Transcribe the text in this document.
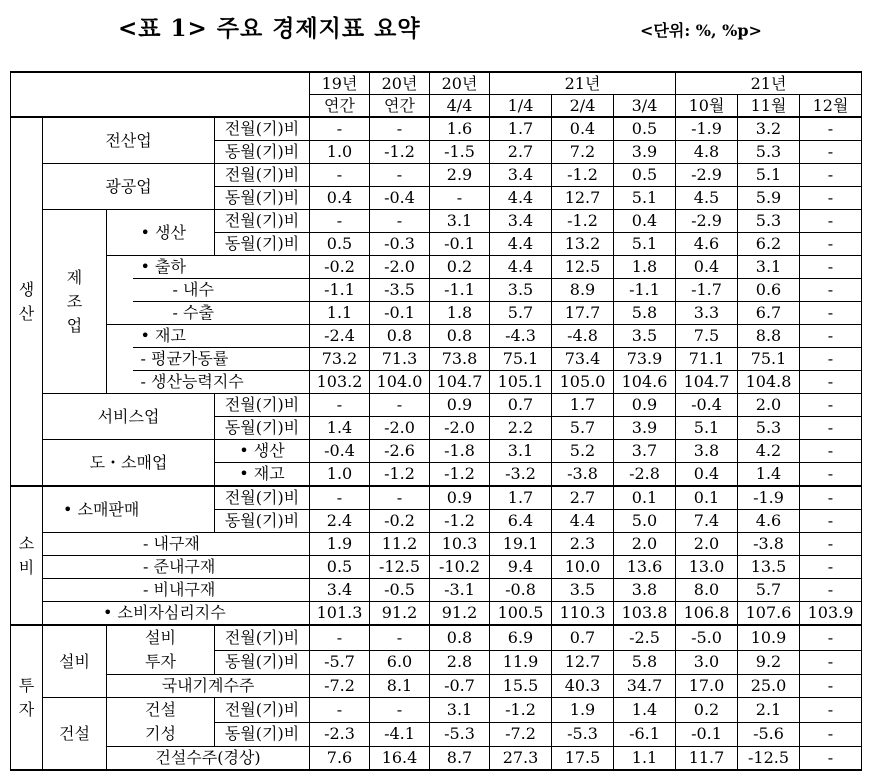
<표 1> 주요 경제지표 요약	<단위: %, %p>
					19년	20년	20년	21년			21년		
					연간	연간	4/4	1/4	2/4	3/4	10월	11월	12월
생
산	전산업			전월(기)비	-	-	1.6	1.7	0.4	0.5	-1.9	3.2	-
				동월(기)비	1.0	-1.2	-1.5	2.7	7.2	3.9	4.8	5.3	-
	광공업			전월(기)비	-	-	2.9	3.4	-1.2	0.5	-2.9	5.1	-
				동월(기)비	0.4	-0.4	-	4.4	12.7	5.1	4.5	5.9	-
	제
조
업		• 생산	전월(기)비	-	-	3.1	3.4	-1.2	0.4	-2.9	5.3	-
				동월(기)비	0.5	-0.3	-0.1	4.4	13.2	5.1	4.6	6.2	-
			• 출하		-0.2	-2.0	0.2	4.4	12.5	1.8	0.4	3.1	-
			- 내수		-1.1	-3.5	-1.1	3.5	8.9	-1.1	-1.7	0.6	-
			- 수출		1.1	-0.1	1.8	5.7	17.7	5.8	3.3	6.7	-
			• 재고		-2.4	0.8	0.8	-4.3	-4.8	3.5	7.5	8.8	-
			- 평균가동률		73.2	71.3	73.8	75.1	73.4	73.9	71.1	75.1	-
			- 생산능력지수		103.2	104.0	104.7	105.1	105.0	104.6	104.7	104.8	-
	서비스업			전월(기)비	-	-	0.9	0.7	1.7	0.9	-0.4	2.0	-
				동월(기)비	1.4	-2.0	-2.0	2.2	5.7	3.9	5.1	5.3	-
	도・소매업			• 생산	-0.4	-2.6	-1.8	3.1	5.2	3.7	3.8	4.2	-
				• 재고	1.0	-1.2	-1.2	-3.2	-3.8	-2.8	0.4	1.4	-
소
비	• 소매판매			전월(기)비	-	-	0.9	1.7	2.7	0.1	0.1	-1.9	-
				동월(기)비	2.4	-0.2	-1.2	6.4	4.4	5.0	7.4	4.6	-
	- 내구재				1.9	11.2	10.3	19.1	2.3	2.0	2.0	-3.8	-
	- 준내구재				0.5	-12.5	-10.2	9.4	10.0	13.6	13.0	13.5	-
	- 비내구재				3.4	-0.5	-3.1	-0.8	3.5	3.8	8.0	5.7	-
	• 소비자심리지수				101.3	91.2	91.2	100.5	110.3	103.8	106.8	107.6	103.9
투
자	설비	설비
투자		전월(기)비	-	-	0.8	6.9	0.7	-2.5	-5.0	10.9	-
				동월(기)비	-5.7	6.0	2.8	11.9	12.7	5.8	3.0	9.2	-
		국내기계수주			-7.2	8.1	-0.7	15.5	40.3	34.7	17.0	25.0	-
	건설	건설
기성		전월(기)비	-	-	3.1	-1.2	1.9	1.4	0.2	2.1	-
				동월(기)비	-2.3	-4.1	-5.3	-7.2	-5.3	-6.1	-0.1	-5.6	-
		건설수주(경상)			7.6	16.4	8.7	27.3	17.5	1.1	11.7	-12.5	-
